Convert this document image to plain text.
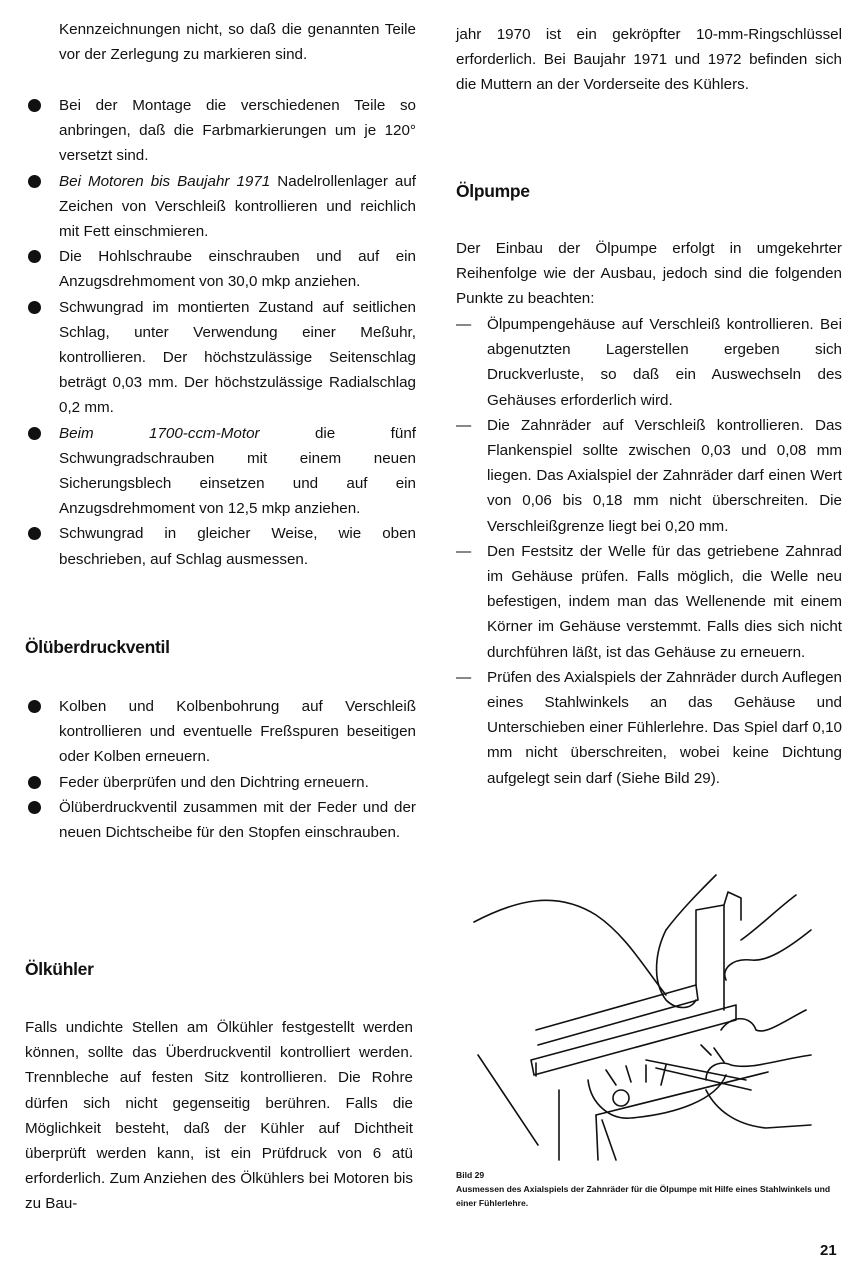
Kennzeichnungen nicht, so daß die genannten Teile vor der Zerlegung zu markieren sind.

Bei der Montage die verschiedenen Teile so anbringen, daß die Farbmarkierungen um je 120° versetzt sind.
Bei Motoren bis Baujahr 1971 Nadelrollenlager auf Zeichen von Verschleiß kontrollieren und reichlich mit Fett einschmieren.
Die Hohlschraube einschrauben und auf ein Anzugsdrehmoment von 30,0 mkp anziehen.
Schwungrad im montierten Zustand auf seitlichen Schlag, unter Verwendung einer Meßuhr, kontrollieren. Der höchstzulässige Seitenschlag beträgt 0,03 mm. Der höchstzulässige Radialschlag 0,2 mm.
Beim 1700-ccm-Motor die fünf Schwungradschrauben mit einem neuen Sicherungsblech einsetzen und auf ein Anzugsdrehmoment von 12,5 mkp anziehen.
Schwungrad in gleicher Weise, wie oben beschrieben, auf Schlag ausmessen.
Ölüberdruckventil
Kolben und Kolbenbohrung auf Verschleiß kontrollieren und eventuelle Freßspuren beseitigen oder Kolben erneuern.
Feder überprüfen und den Dichtring erneuern.
Ölüberdruckventil zusammen mit der Feder und der neuen Dichtscheibe für den Stopfen einschrauben.
Ölkühler

Falls undichte Stellen am Ölkühler festgestellt werden können, sollte das Überdruckventil kontrolliert werden. Trennbleche auf festen Sitz kontrollieren. Die Rohre dürfen sich nicht gegenseitig berühren. Falls die Möglichkeit besteht, daß der Kühler auf Dichtheit überprüft werden kann, ist ein Prüfdruck von 6 atü erforderlich. Zum Anziehen des Ölkühlers bei Motoren bis zu Bau-

jahr 1970 ist ein gekröpfter 10-mm-Ringschlüssel erforderlich. Bei Baujahr 1971 und 1972 befinden sich die Muttern an der Vorderseite des Kühlers.

Ölpumpe

Der Einbau der Ölpumpe erfolgt in umgekehrter Reihenfolge wie der Ausbau, jedoch sind die folgenden Punkte zu beachten:

— Ölpumpengehäuse auf Verschleiß kontrollieren. Bei abgenutzten Lagerstellen ergeben sich Druckverluste, so daß ein Auswechseln des Gehäuses erforderlich wird.
— Die Zahnräder auf Verschleiß kontrollieren. Das Flankenspiel sollte zwischen 0,03 und 0,08 mm liegen. Das Axialspiel der Zahnräder darf einen Wert von 0,06 bis 0,18 mm nicht überschreiten. Die Verschleißgrenze liegt bei 0,20 mm.
— Den Festsitz der Welle für das getriebene Zahnrad im Gehäuse prüfen. Falls möglich, die Welle neu befestigen, indem man das Wellenende mit einem Körner im Gehäuse verstemmt. Falls dies sich nicht durchführen läßt, ist das Gehäuse zu erneuern.
— Prüfen des Axialspiels der Zahnräder durch Auflegen eines Stahlwinkels an das Gehäuse und Unterschieben einer Fühlerlehre. Das Spiel darf 0,10 mm nicht überschreiten, wobei keine Dichtung aufgelegt sein darf (Siehe Bild 29).

Bild 29

Ausmessen des Axialspiels der Zahnräder für die Ölpumpe mit Hilfe eines Stahlwinkels und einer Fühlerlehre.

21
